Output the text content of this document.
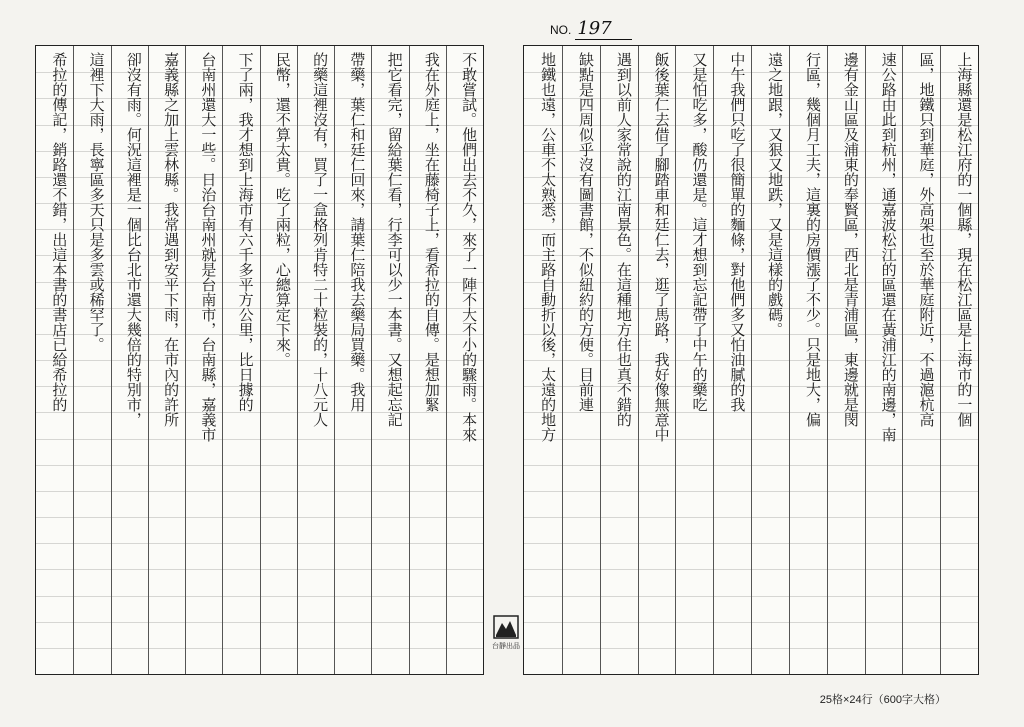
NO. 197
不敢嘗試。他們出去不久，來了一陣不大不小的驟雨。本來
我在外庭上，坐在藤椅子上，看希拉的自傳。是想加緊
把它看完，留給葉仁看，行李可以少一本書。又想起忘記
帶藥，葉仁和廷仁回來，請葉仁陪我去藥局買藥。我用
的藥這裡沒有，買了一盒格列肯特二十粒裝的，十八元人
民幣，還不算太貴。吃了兩粒，心總算定下來。
下了兩，我才想到上海市有六千多平方公里，比日據的
台南州還大一些。日治台南州就是台南市，台南縣，嘉義市
嘉義縣之加上雲林縣。我常遇到安平下雨，在市內的許所
卻沒有雨。何況這裡是一個比台北市還大幾倍的特別市，
這裡下大雨，長寧區多天只是多雲或稀罕了。
希拉的傳記，銷路還不錯，出這本書的書店已給希拉的
台靜出品
上海縣還是松江府的一個縣，現在松江區是上海市的一個
區，地鐵只到華庭，外高架也至於華庭附近，不過滬杭高
速公路由此到杭州，通嘉波松江的區還在黃浦江的南邊，南
邊有金山區及浦東的奉賢區，西北是青浦區，東邊就是閔
行區，幾個月工夫，這裏的房價漲了不少。只是地大，偏
遠之地跟，又狠又地跌，又是這樣的戲碼。
中午我們只吃了很簡單的麵條，對他們多又怕油膩的我
又是怕吃多，酸仍還是。這才想到忘記帶了中午的藥吃
飯後葉仁去借了腳踏車和廷仁去，逛了馬路，我好像無意中
遇到以前人家常說的江南景色。在這種地方住也真不錯的
缺點是四周似乎沒有圖書館，不似紐約的方便。目前連
地鐵也遠，公車不太熟悉，而主路自動折以後，太遠的地方
25格×24行（600字大格）
